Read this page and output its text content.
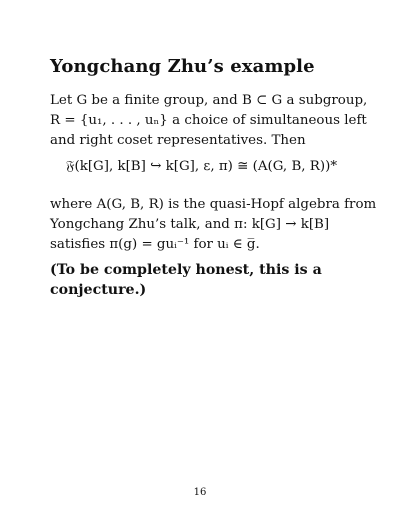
Yongchang Zhu’s example
Let G be a finite group, and B ⊂ G a subgroup,
R = {u₁, . . . , uₙ} a choice of simultaneous left
and right coset representatives. Then
𝔉(k[G], k[B] ↪ k[G], ε, π) ≅ (A(G, B, R))*
where A(G, B, R) is the quasi-Hopf algebra from
Yongchang Zhu’s talk, and π: k[G] → k[B]
satisfies π(g) = guᵢ⁻¹ for uᵢ ∈ g̅.
(To be completely honest, this is a
conjecture.)
16
